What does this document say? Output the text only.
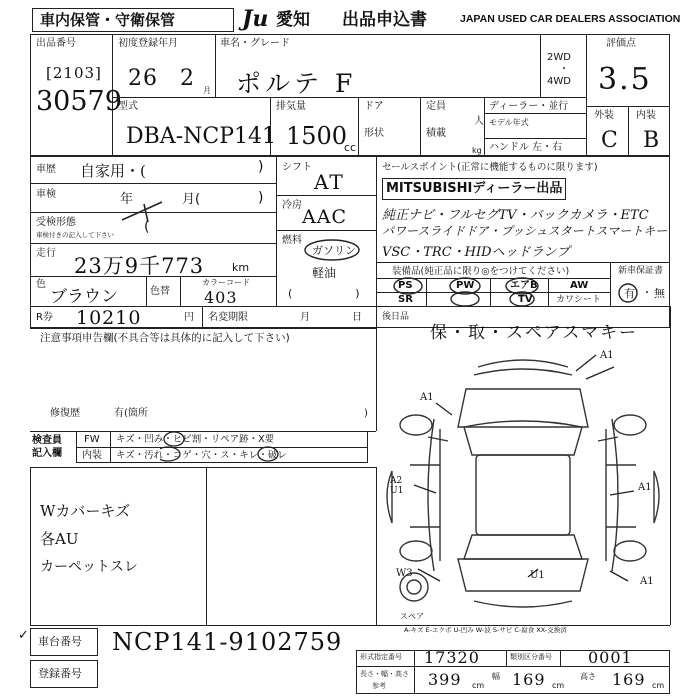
車内保管・守衛保管	Ju 愛知 出品申込書	JAPAN USED CAR DEALERS ASSOCIATION
出品番号
[2103]
30579
初度登録年月
26 2 月
車名・グレード
ポルテ F
2WD
4WD
・
評価点
3.5
外装 内装
C B
型式
DBA-NCP141
排気量
1500
cc
ドア
形状
定員
人
積載
kg
ディーラー・並行
モデル年式
ハンドル 左・右
車歴 自家用・(	)
車検	年	月(	)
受検形態
車検付きの記入して下さい (
走行
23万9千773	km
色
ブラウン	色替
カラーコード
403
R券 10210	円 名変期限	月	日
シフト
AT
冷房
AAC
燃料
ガソリン
軽油
(                  )
セールスポイント(正常に機能するものに限ります)
MITSUBISHIディーラー出品
純正ナビ・フルセグTV・バックカメラ・ETC
パワースライドドア・プッシュスタートスマートキー
VSC・TRC・HIDヘッドランプ
装備品(純正品に限り◎をつけてください)	新車保証書
有 ・ 無
PS	PW	エアB	AW
SR	TV	カワシート
注意事項申告欄(不具合等は具体的に記入して下さい)
修復歴	有(箇所	)
後日品
保・取・スペアスマキー
検査員
記入欄
FW キズ・凹み・ヒビ割・リペア跡・X要
内装 キズ・汚れ・コゲ・穴・ス・キレ・破レ
Wカバーキズ
各AU
カーペットスレ
A1
A1
A2
U1	A1
U1
W3
A1
スペア
A-キズ E-エクボ U-凹み W-波 S-サビ C-腐食 XX-交換済
✓ 車台番号 NCP141-9102759
登録番号
形式指定番号 17320	類別区分番号 0001
長さ・幅・高さ
参考	399 cm
幅 169 cm
高さ 169 cm
